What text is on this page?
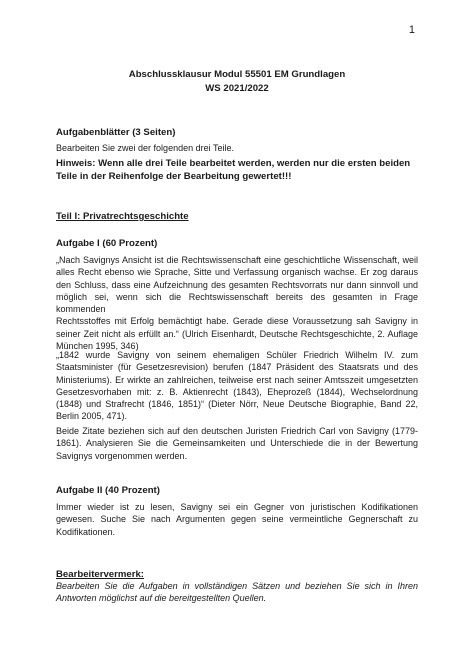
1
Abschlussklausur Modul 55501 EM Grundlagen
WS 2021/2022
Aufgabenblätter (3 Seiten)
Bearbeiten Sie zwei der folgenden drei Teile.
Hinweis: Wenn alle drei Teile bearbeitet werden, werden nur die ersten beiden
Teile in der Reihenfolge der Bearbeitung gewertet!!!
Teil I: Privatrechtsgeschichte
Aufgabe I (60 Prozent)
„Nach Savignys Ansicht ist die Rechtswissenschaft eine geschichtliche Wissenschaft, weil
alles Recht ebenso wie Sprache, Sitte und Verfassung organisch wachse. Er zog daraus
den Schluss, dass eine Aufzeichnung des gesamten Rechtsvorrats nur dann sinnvoll und
möglich sei, wenn sich die Rechtswissenschaft bereits des gesamten in Frage kommenden
Rechtsstoffes mit Erfolg bemächtigt habe. Gerade diese Voraussetzung sah Savigny in
seiner Zeit nicht als erfüllt an.“ (Ulrich Eisenhardt, Deutsche Rechtsgeschichte, 2. Auflage
München 1995, 346)
„1842 wurde Savigny von seinem ehemaligen Schüler Friedrich Wilhelm IV. zum
Staatsminister (für Gesetzesrevision) berufen (1847 Präsident des Staatsrats und des
Ministeriums). Er wirkte an zahlreichen, teilweise erst nach seiner Amtsszeit umgesetzten
Gesetzesvorhaben mit: z. B. Aktienrecht (1843), Eheprozeß (1844), Wechselordnung
(1848) und Strafrecht (1846, 1851)“ (Dieter Nörr, Neue Deutsche Biographie, Band 22,
Berlin 2005, 471).
Beide Zitate beziehen sich auf den deutschen Juristen Friedrich Carl von Savigny (1779-
1861). Analysieren Sie die Gemeinsamkeiten und Unterschiede die in der Bewertung
Savignys vorgenommen werden.
Aufgabe II (40 Prozent)
Immer wieder ist zu lesen, Savigny sei ein Gegner von juristischen Kodifikationen
gewesen. Suche Sie nach Argumenten gegen seine vermeintliche Gegnerschaft zu
Kodifikationen.
Bearbeitervermerk:
Bearbeiten Sie die Aufgaben in vollständigen Sätzen und beziehen Sie sich in Ihren
Antworten möglichst auf die bereitgestellten Quellen.
